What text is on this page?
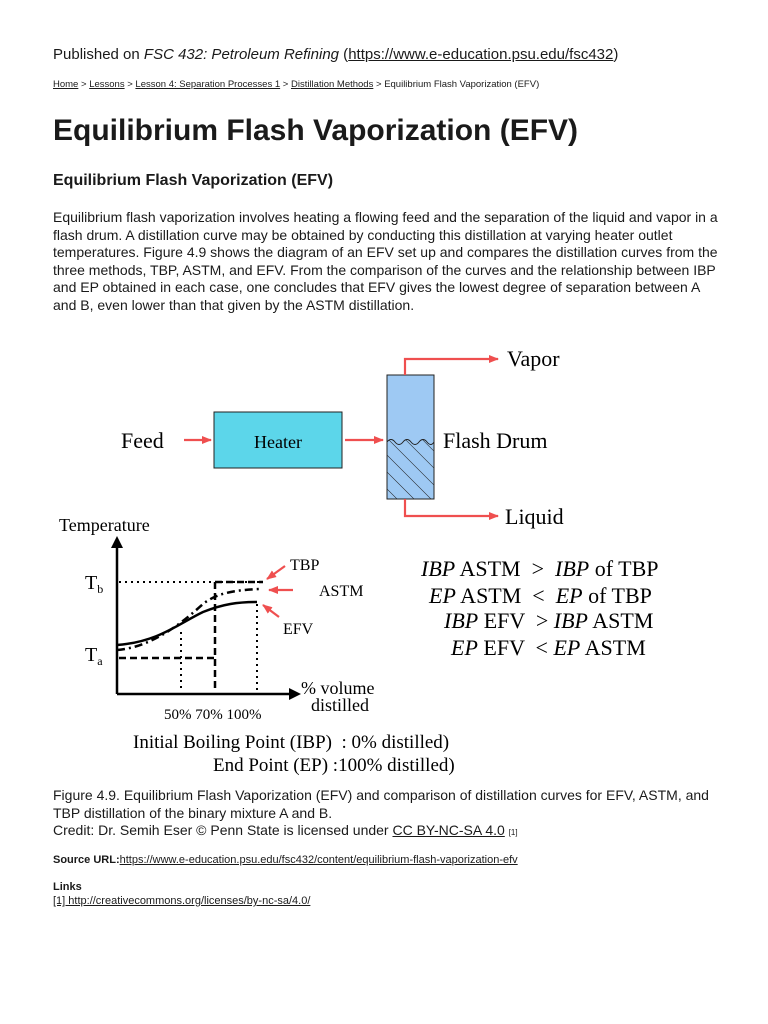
Published on FSC 432: Petroleum Refining (https://www.e-education.psu.edu/fsc432)
Home > Lessons > Lesson 4: Separation Processes 1 > Distillation Methods > Equilibrium Flash Vaporization (EFV)
Equilibrium Flash Vaporization (EFV)
Equilibrium Flash Vaporization (EFV)

Equilibrium flash vaporization involves heating a flowing feed and the separation of the liquid and vapor in a flash drum. A distillation curve may be obtained by conducting this distillation at varying heater outlet temperatures. Figure 4.9 shows the diagram of an EFV set up and compares the distillation curves from the three methods, TBP, ASTM, and EFV. From the comparison of the curves and the relationship between IBP and EP obtained in each case, one concludes that EFV gives the lowest degree of separation between A and B, even lower than that given by the ASTM distillation.

Feed	Heater	Flash Drum
Vapor
Liquid
Temperature
$T_b$
$T_a$
TBP
ASTM
EFV
% volume
distilled
50% 70% 100%
IBP ASTM  >  IBP of TBP
EP ASTM  <  EP of TBP
IBP EFV  > IBP ASTM
EP EFV  < EP ASTM
Initial Boiling Point (IBP)  : 0% distilled)
End Point (EP) :100% distilled)

Figure 4.9. Equilibrium Flash Vaporization (EFV) and comparison of distillation curves for EFV, ASTM, and TBP distillation of the binary mixture A and B.
Credit: Dr. Semih Eser © Penn State is licensed under CC BY-NC-SA 4.0 [1]

Source URL:https://www.e-education.psu.edu/fsc432/content/equilibrium-flash-vaporization-efv
Links
[1] http://creativecommons.org/licenses/by-nc-sa/4.0/
